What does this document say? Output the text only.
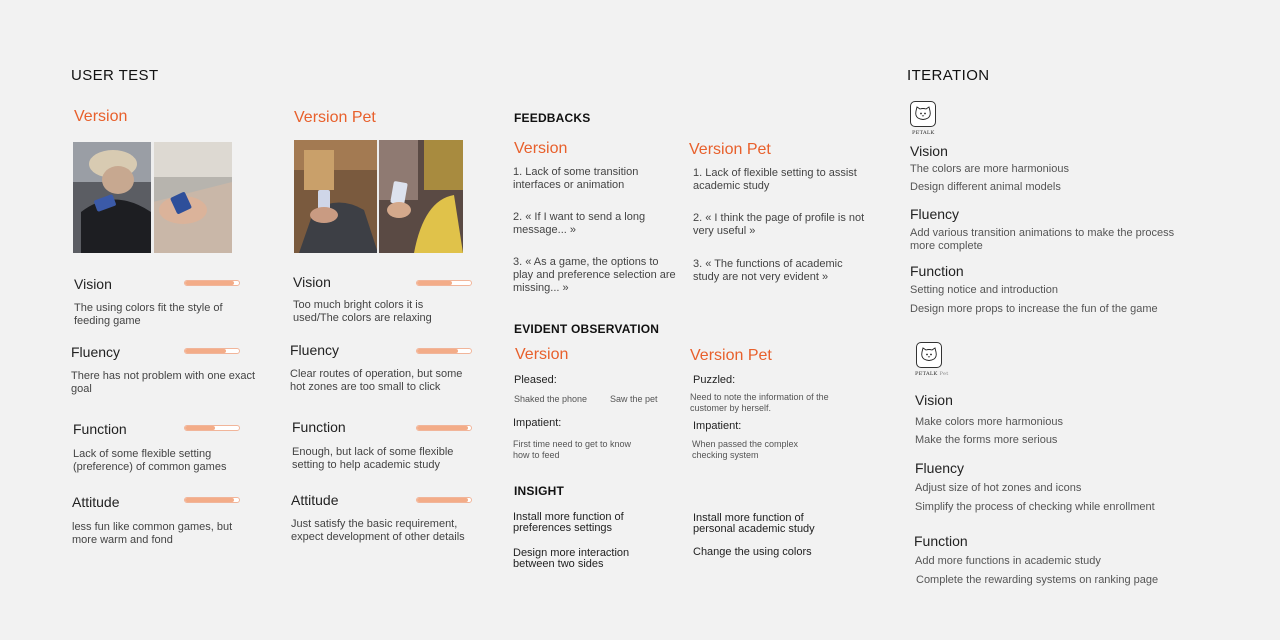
USER TEST
Version
Vision
The using colors fit the style of feeding game
Fluency
There has not problem with one exact goal
Function
Lack of some flexible setting (preference) of common games
Attitude
less fun like common games, but more warm and fond
Version Pet
Vision
Too much bright colors it is used/The colors are relaxing
Fluency
Clear routes of operation, but some hot zones are too small to click
Function
Enough, but lack of some flexible setting to help academic study
Attitude
Just satisfy the basic requirement, expect development of other details
FEEDBACKS
Version
1. Lack of some transition interfaces or animation
2. « If I want to send a long message... »
3. « As a game, the options to play and preference selection are missing... »
Version Pet
1. Lack of flexible setting to assist academic study
2. « I think the page of profile is not very useful »
3. « The functions of academic study are not very evident »
EVIDENT OBSERVATION
Version
Pleased:
Shaked the phone	Saw the pet
Impatient:
First time need to get to know how to feed
Version Pet
Puzzled:
Need to note the information of the customer by herself.
Impatient:
When passed the complex checking system
INSIGHT
Install more function of preferences settings
Design more interaction between two sides
Install more function of personal academic study
Change the using colors
ITERATION
PETALK
Vision
The colors are more harmonious
Design different animal models
Fluency
Add various transition animations to make the process more complete
Function
Setting notice and introduction
Design more props to increase the fun of the game
PETALK Pet
Vision
Make colors more harmonious
Make the forms more serious
Fluency
Adjust size of hot zones and icons
Simplify the process of checking while enrollment
Function
Add more functions in academic study
Complete the rewarding systems on ranking page
